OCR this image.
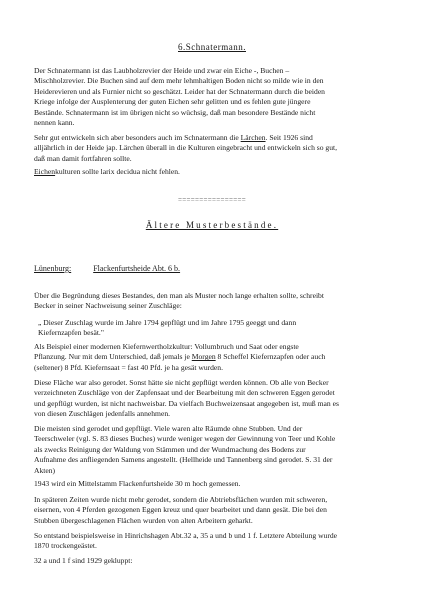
6.Schnatermann.

Der Schnatermann ist das Laubholzrevier der Heide und zwar ein Eiche -, Buchen –
Mischholzrevier. Die Buchen sind auf dem mehr lehmhaltigen Boden nicht so milde wie in den
Heiderevieren und als Furnier nicht so geschätzt. Leider hat der Schnatermann durch die beiden
Kriege infolge der Ausplenterung der guten Eichen sehr gelitten und es fehlen gute jüngere
Bestände. Schnatermann ist im übrigen nicht so wüchsig, daß man besondere Bestände nicht
nennen kann.

Sehr gut entwickeln sich aber besonders auch im Schnatermann die Lärchen. Seit 1926 sind
alljährlich in der Heide jap. Lärchen überall in die Kulturen eingebracht und entwickeln sich so gut,
daß man damit fortfahren sollte.

Eichenkulturen sollte larix decidua nicht fehlen.

================
Ältere Musterbestände.
Lünenburg:	Flackenfurtsheide Abt. 6 b.

Über die Begründung dieses Bestandes, den man als Muster noch lange erhalten sollte, schreibt
Becker in seiner Nachweisung seiner Zuschläge:

„ Dieser Zuschlag wurde im Jahre 1794 gepflügt und im Jahre 1795 geeggt und dann
Kiefernzapfen besät."

Als Beispiel einer modernen Kiefernwertholzkultur: Vollumbruch und Saat oder engste
Pflanzung. Nur mit dem Unterschied, daß jemals je Morgen 8 Scheffel Kiefernzapfen oder auch
(seltener) 8 Pfd. Kiefernsaat = fast 40 Pfd. je ha gesät wurden.

Diese Fläche war also gerodet. Sonst hätte sie nicht gepflügt werden können. Ob alle von Becker
verzeichneten Zuschläge von der Zapfensaat und der Bearbeitung mit den schweren Eggen gerodet
und gepflügt wurden, ist nicht nachweisbar. Da vielfach Buchweizensaat angegeben ist, muß man es
von diesen Zuschlägen jedenfalls annehmen.

Die meisten sind gerodet und gepflügt. Viele waren alte Räumde ohne Stubben. Und der
Teerschweler (vgl. S. 83 dieses Buches) wurde weniger wegen der Gewinnung von Teer und Kohle
als zwecks Reinigung der Waldung von Stämmen und der Wundmachung des Bodens zur
Aufnahme des anfliegenden Samens angestellt. (Hellheide und Tannenberg sind gerodet. S. 31 der
Akten)

1943 wird ein Mittelstamm Flackenfurtsheide 30 m hoch gemessen.

In späteren Zeiten wurde nicht mehr gerodet, sondern die Abtriebsflächen wurden mit schweren,
eisernen, von 4 Pferden gezogenen Eggen kreuz und quer bearbeitet und dann gesät. Die bei den
Stubben übergeschlagenen Flächen wurden von alten Arbeitern geharkt.

So entstand beispielsweise in Hinrichshagen Abt.32 a, 35 a und b und 1 f. Letztere Abteilung wurde
1870 trockengeästet.

32 a und 1 f sind 1929 gekluppt:
